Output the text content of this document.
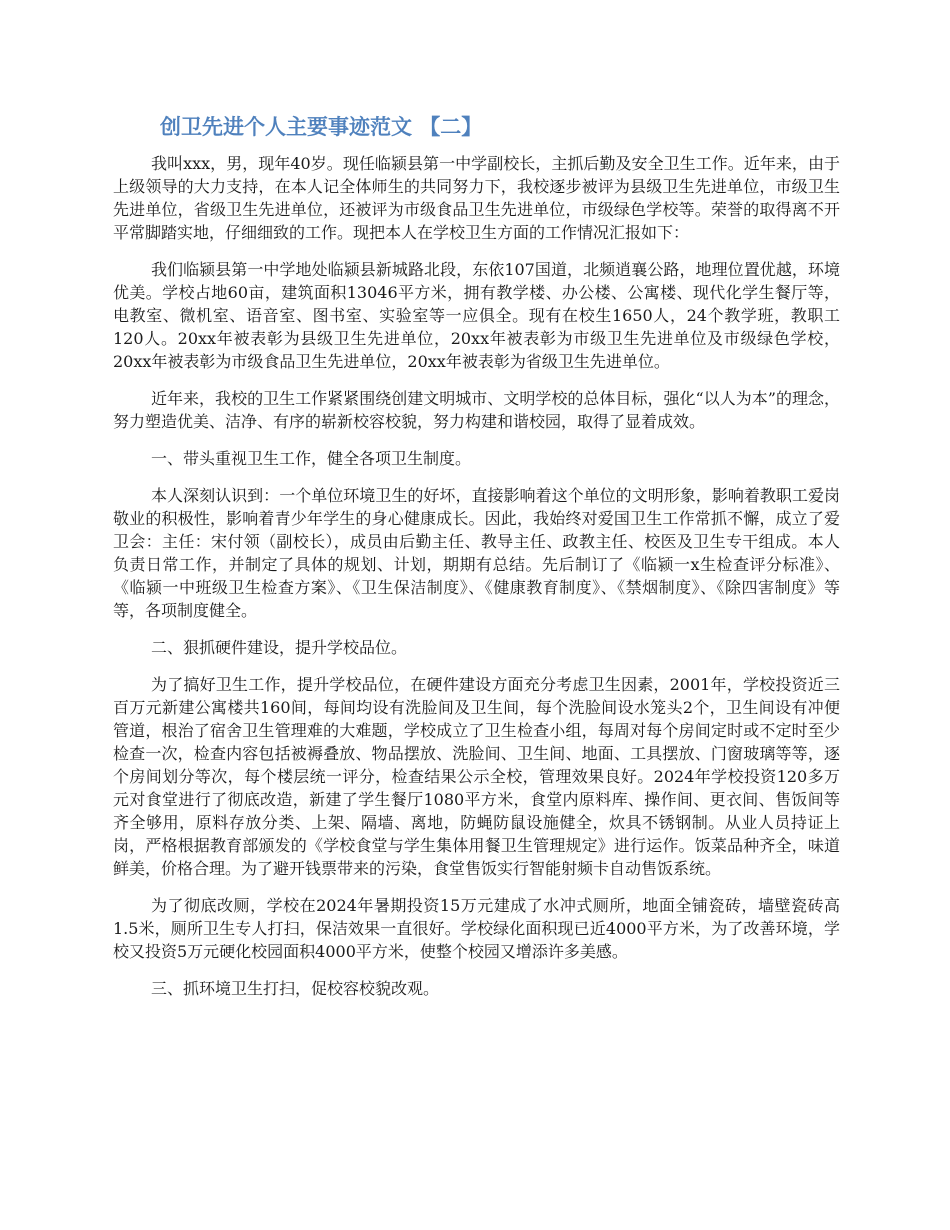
创卫先进个人主要事迹范文 【二】

我叫xxx，男，现年40岁。现任临颍县第一中学副校长，主抓后勤及安全卫生工作。近年来，由于上级领导的大力支持，在本人记全体师生的共同努力下，我校逐步被评为县级卫生先进单位，市级卫生先进单位，省级卫生先进单位，还被评为市级食品卫生先进单位，市级绿色学校等。荣誉的取得离不开平常脚踏实地，仔细细致的工作。现把本人在学校卫生方面的工作情况汇报如下：

我们临颍县第一中学地处临颍县新城路北段，东依107国道，北频逍襄公路，地理位置优越，环境优美。学校占地60亩，建筑面积13046平方米，拥有教学楼、办公楼、公寓楼、现代化学生餐厅等，电教室、微机室、语音室、图书室、实验室等一应俱全。现有在校生1650人，24个教学班，教职工120人。20xx年被表彰为县级卫生先进单位，20xx年被表彰为市级卫生先进单位及市级绿色学校，20xx年被表彰为市级食品卫生先进单位，20xx年被表彰为省级卫生先进单位。

近年来，我校的卫生工作紧紧围绕创建文明城市、文明学校的总体目标，强化“以人为本”的理念，努力塑造优美、洁净、有序的崭新校容校貌，努力构建和谐校园，取得了显着成效。

一、带头重视卫生工作，健全各项卫生制度。

本人深刻认识到：一个单位环境卫生的好坏，直接影响着这个单位的文明形象，影响着教职工爱岗敬业的积极性，影响着青少年学生的身心健康成长。因此，我始终对爱国卫生工作常抓不懈，成立了爱卫会：主任：宋付领（副校长），成员由后勤主任、教导主任、政教主任、校医及卫生专干组成。本人负责日常工作，并制定了具体的规划、计划，期期有总结。先后制订了《临颍一x生检查评分标准》、《临颍一中班级卫生检查方案》、《卫生保洁制度》、《健康教育制度》、《禁烟制度》、《除四害制度》等等，各项制度健全。

二、狠抓硬件建设，提升学校品位。

为了搞好卫生工作，提升学校品位，在硬件建设方面充分考虑卫生因素，2001年，学校投资近三百万元新建公寓楼共160间，每间均设有洗脸间及卫生间，每个洗脸间设水笼头2个，卫生间设有冲便管道，根治了宿舍卫生管理难的大难题，学校成立了卫生检查小组，每周对每个房间定时或不定时至少检查一次，检查内容包括被褥叠放、物品摆放、洗脸间、卫生间、地面、工具摆放、门窗玻璃等等，逐个房间划分等次，每个楼层统一评分，检查结果公示全校，管理效果良好。2024年学校投资120多万元对食堂进行了彻底改造，新建了学生餐厅1080平方米，食堂内原料库、操作间、更衣间、售饭间等齐全够用，原料存放分类、上架、隔墙、离地，防蝇防鼠设施健全，炊具不锈钢制。从业人员持证上岗，严格根据教育部颁发的《学校食堂与学生集体用餐卫生管理规定》进行运作。饭菜品种齐全，味道鲜美，价格合理。为了避开钱票带来的污染，食堂售饭实行智能射频卡自动售饭系统。

为了彻底改厕，学校在2024年暑期投资15万元建成了水冲式厕所，地面全铺瓷砖，墙壁瓷砖高1.5米，厕所卫生专人打扫，保洁效果一直很好。学校绿化面积现已近4000平方米，为了改善环境，学校又投资5万元硬化校园面积4000平方米，使整个校园又增添许多美感。

三、抓环境卫生打扫，促校容校貌改观。
